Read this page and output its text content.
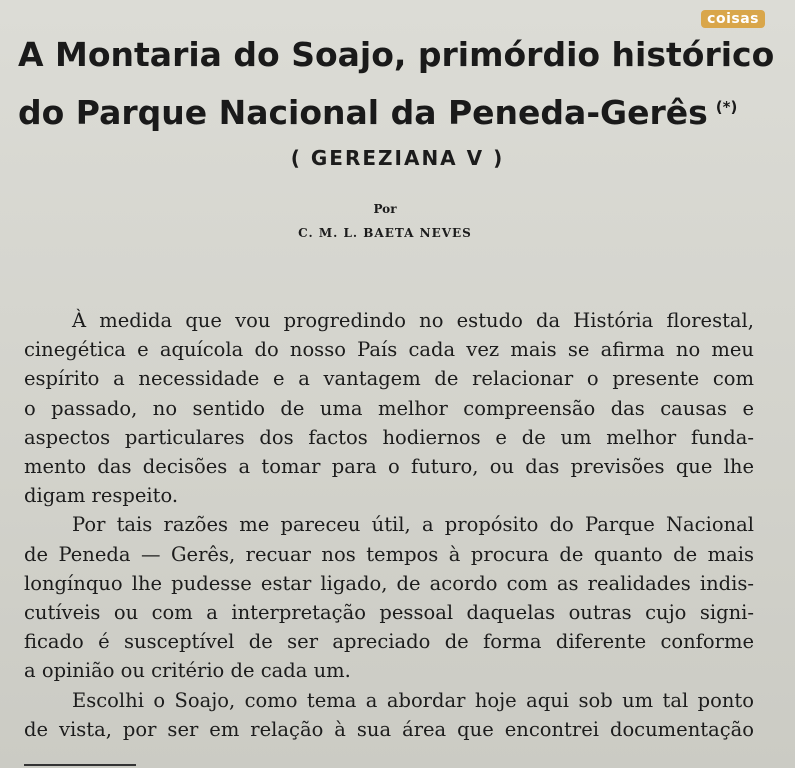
coisas
A Montaria do Soajo, primórdio histórico
do Parque Nacional da Peneda-Gerês (*)
( GEREZIANA V )
Por
C. M. L. BAETA NEVES
À medida que vou progredindo no estudo da História florestal,
cinegética e aquícola do nosso País cada vez mais se afirma no meu
espírito a necessidade e a vantagem de relacionar o presente com
o passado, no sentido de uma melhor compreensão das causas e
aspectos particulares dos factos hodiernos e de um melhor funda-
mento das decisões a tomar para o futuro, ou das previsões que lhe
digam respeito.
Por tais razões me pareceu útil, a propósito do Parque Nacional
de Peneda — Gerês, recuar nos tempos à procura de quanto de mais
longínquo lhe pudesse estar ligado, de acordo com as realidades indis-
cutíveis ou com a interpretação pessoal daquelas outras cujo signi-
ficado é susceptível de ser apreciado de forma diferente conforme
a opinião ou critério de cada um.
Escolhi o Soajo, como tema a abordar hoje aqui sob um tal ponto
de vista, por ser em relação à sua área que encontrei documentação
